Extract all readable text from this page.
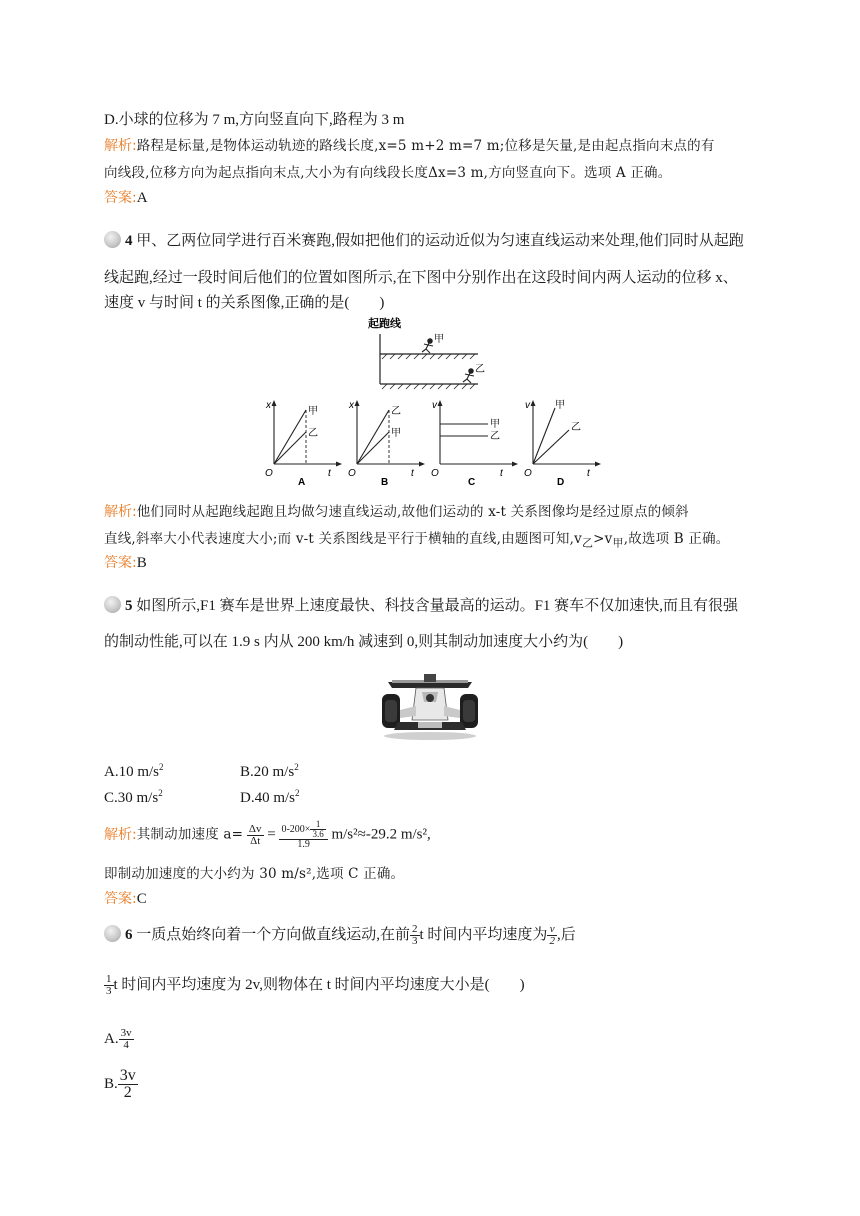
D.小球的位移为 7 m,方向竖直向下,路程为 3 m
解析:路程是标量,是物体运动轨迹的路线长度,x=5 m+2 m=7 m;位移是矢量,是由起点指向末点的有
向线段,位移方向为起点指向末点,大小为有向线段长度Δx=3 m,方向竖直向下。选项 A 正确。
答案:A
4 甲、乙两位同学进行百米赛跑,假如把他们的运动近似为匀速直线运动来处理,他们同时从起跑
线起跑,经过一段时间后他们的位置如图所示,在下图中分别作出在这段时间内两人运动的位移 x、
速度 v 与时间 t 的关系图像,正确的是(　　)
起跑线
甲
乙
x
t
O
甲
乙
A
x
t
O
乙
甲
B
v
t
O
甲
乙
C
v
t
O
甲
乙
D
解析:他们同时从起跑线起跑且均做匀速直线运动,故他们运动的 x-t 关系图像均是经过原点的倾斜
直线,斜率大小代表速度大小;而 v-t 关系图线是平行于横轴的直线,由题图可知$,v_乙>v_甲$,故选项 B 正确。
答案:B
5 如图所示,F1 赛车是世界上速度最快、科技含量最高的运动。F1 赛车不仅加速快,而且有很强
的制动性能,可以在 1.9 s 内从 200 km/h 减速到 0,则其制动加速度大小约为(　　)
A.10 $m/s^2$	B.20 $m/s^2$
C.30 $m/s^2$	D.40 $m/s^2$
解析:其制动加速度 $a= \frac{\Delta v}{\Delta t} = \frac{0-200\times \frac{1}{3.6}}{1.9} m/s^2\approx-29.2$ m/s²,
即制动加速度的大小约为 30 m/s²,选项 C 正确。
答案:C
6 一质点始终向着一个方向做直线运动,在前 $\frac{2}{3}$ t 时间内平均速度为 $\frac{v}{2}$ ,后
$\frac{1}{3}$ t 时间内平均速度为 2v,则物体在 t 时间内平均速度大小是(　　)
A. $\frac{3v}{4}$
B. $\frac{3v}{2}$
